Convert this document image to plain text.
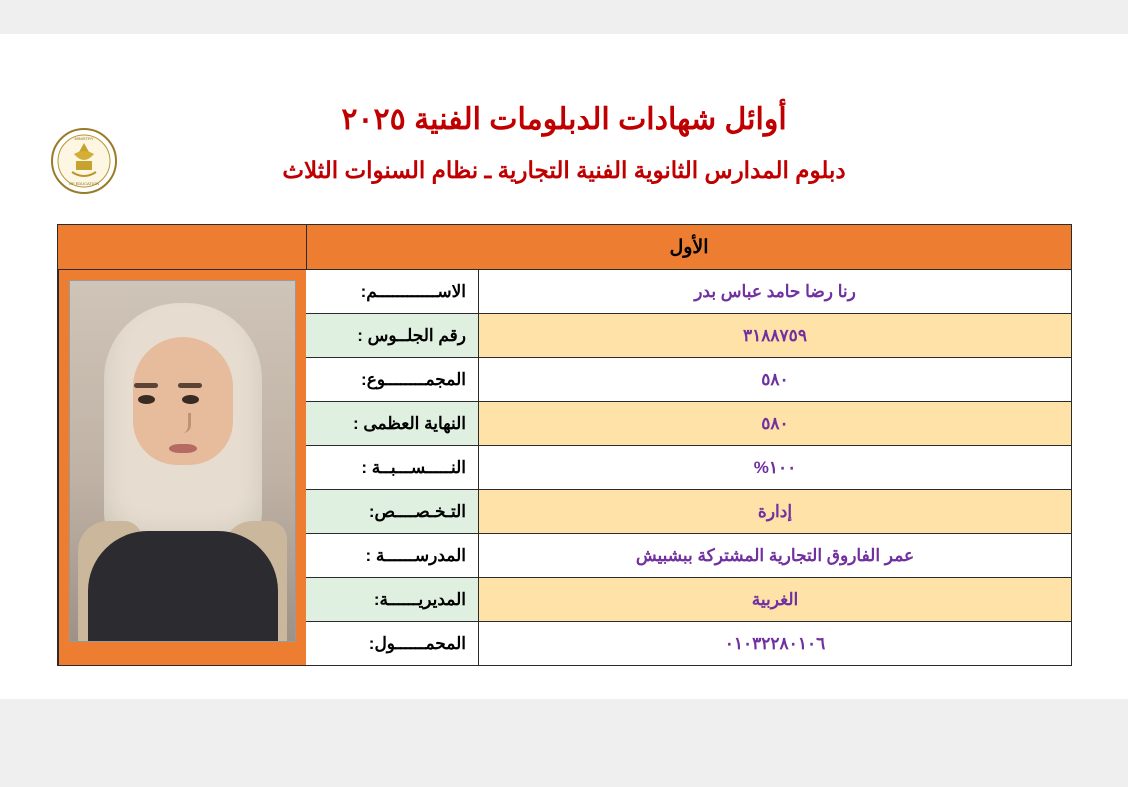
MINISTRY
OF EDUCATION
أوائل شهادات الدبلومات الفنية ٢٠٢٥
دبلوم المدارس الثانوية الفنية التجارية ـ نظام السنوات الثلاث
الأول
رنا رضا حامد عباس بدر
الاســــــــــــم:
٣١٨٨٧٥٩
رقم الجلــوس :
٥٨٠
المجمــــــــوع:
٥٨٠
النهاية العظمى :
١٠٠%
النـــــســـبــة :
إدارة
التـخـصــــص:
عمر الفاروق التجارية المشتركة ببشبيش
المدرســــــة :
الغربية
المديريــــــة:
٠١٠٣٢٢٨٠١٠٦
المحمــــــول:
